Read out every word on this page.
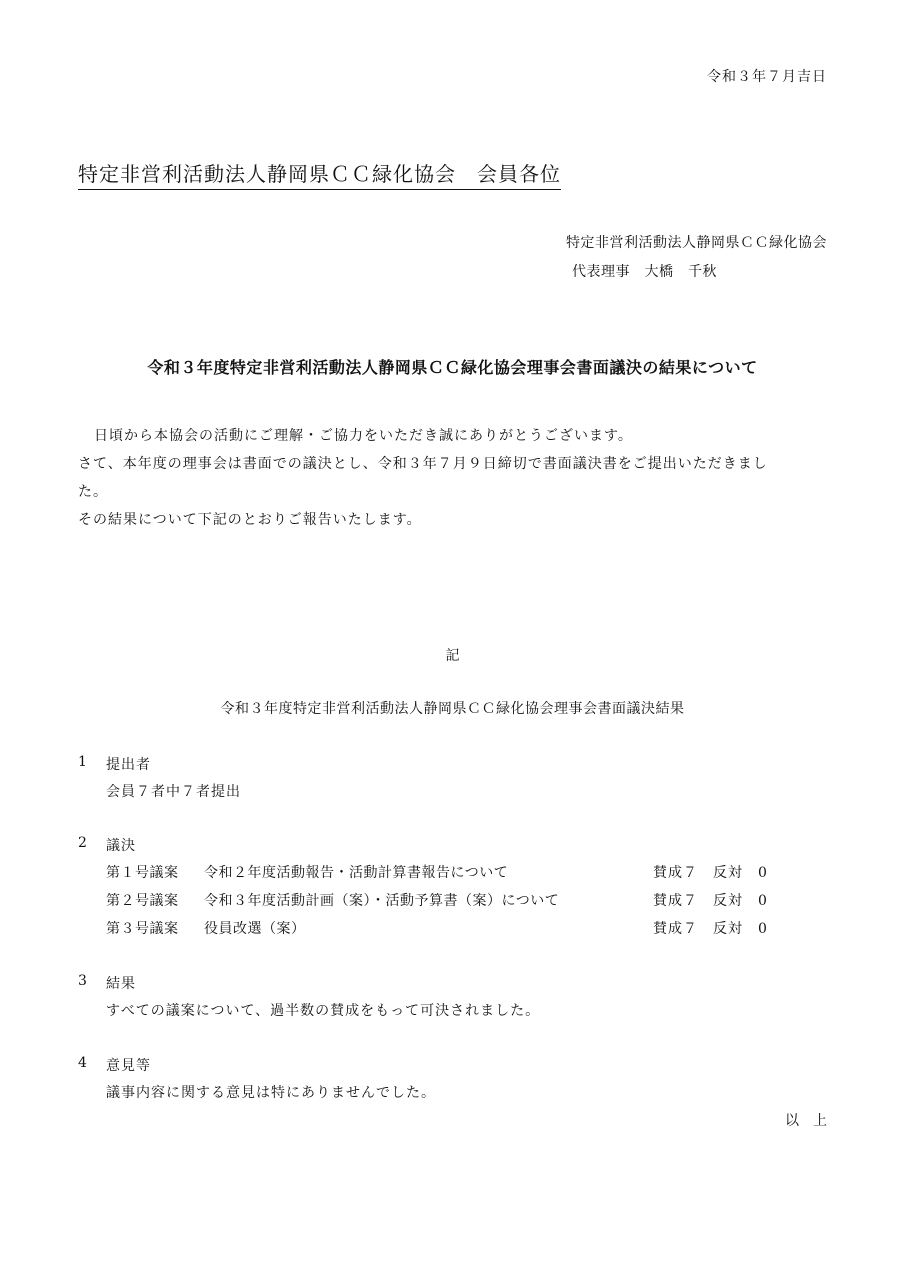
令和３年７月吉日
特定非営利活動法人静岡県ＣＣ緑化協会　会員各位
特定非営利活動法人静岡県ＣＣ緑化協会
代表理事　大橋　千秋
令和３年度特定非営利活動法人静岡県ＣＣ緑化協会理事会書面議決の結果について
日頃から本協会の活動にご理解・ご協力をいただき誠にありがとうございます。
さて、本年度の理事会は書面での議決とし、令和３年７月９日締切で書面議決書をご提出いただきまし
た。
その結果について下記のとおりご報告いたします。
記
令和３年度特定非営利活動法人静岡県ＣＣ緑化協会理事会書面議決結果
1 提出者
会員７者中７者提出
2 議決
第１号議案 令和２年度活動報告・活動計算書報告について	賛成７　反対　0
第２号議案 令和３年度活動計画（案）・活動予算書（案）について	賛成７　反対　0
第３号議案 役員改選（案）	賛成７　反対　0
3 結果
すべての議案について、過半数の賛成をもって可決されました。
4 意見等
議事内容に関する意見は特にありませんでした。
以　上
